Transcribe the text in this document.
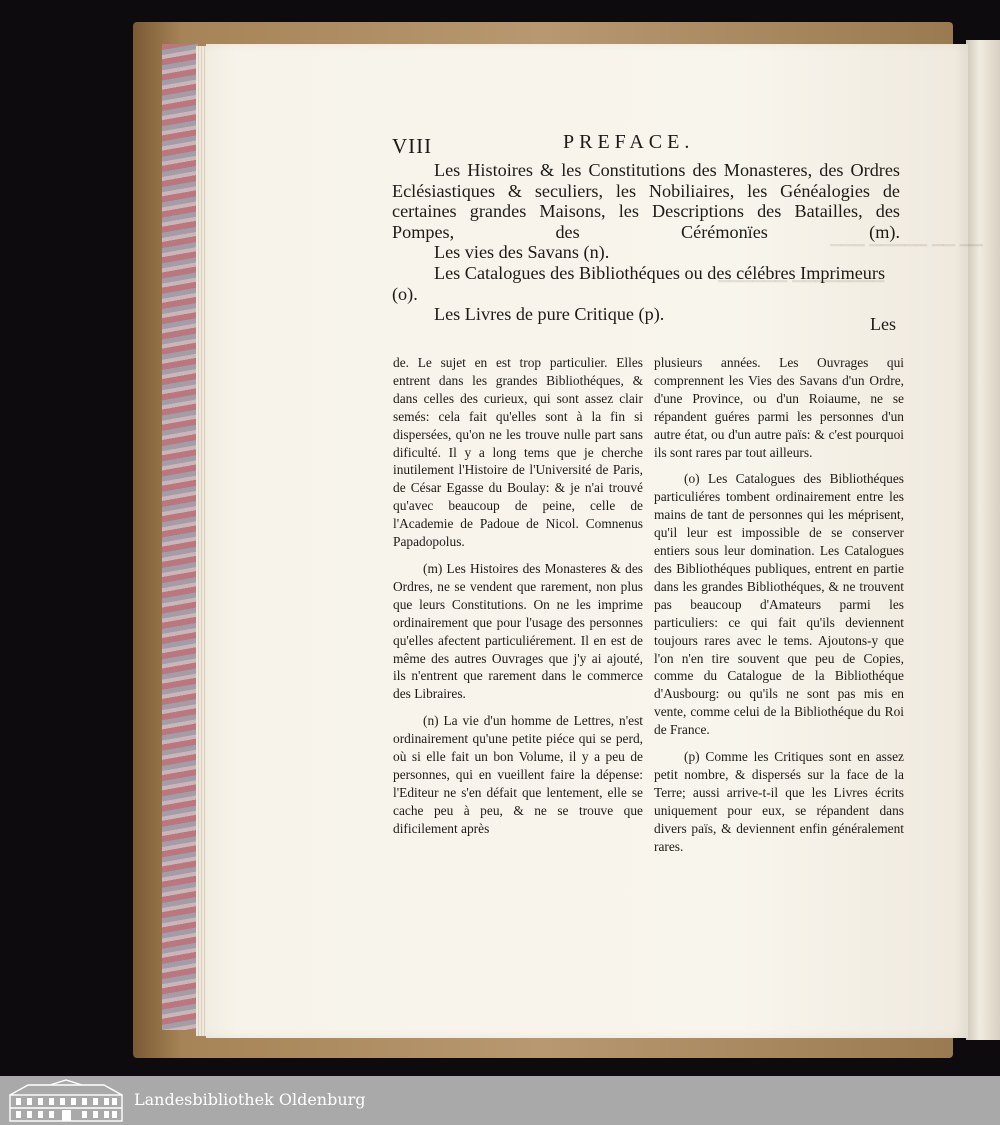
▔▔▔ ▔▔▔▔▔ ▔▔ ▔▔
▔▔▔▔▔▔ ▔▔▔▔▔▔▔▔
VIII	PREFACE.

Les Histoires & les Constitutions des Monasteres, des Ordres Eclésiastiques & seculiers, les Nobiliaires, les Généalogies de certaines grandes Maisons, les Descriptions des Batailles, des Pompes, des Cérémonïes (m).

Les vies des Savans (n).

Les Catalogues des Bibliothéques ou des célébres Imprimeurs (o).

Les Livres de pure Critique (p).	Les

de. Le sujet en est trop particulier. Elles entrent dans les grandes Bibliothéques, & dans celles des curieux, qui sont assez clair semés: cela fait qu'elles sont à la fin si dispersées, qu'on ne les trouve nulle part sans dificulté. Il y a long tems que je cherche inutilement l'Histoire de l'Université de Paris, de César Egasse du Boulay: & je n'ai trouvé qu'avec beaucoup de peine, celle de l'Academie de Padoue de Nicol. Comnenus Papadopolus.

(m) Les Histoires des Monasteres & des Ordres, ne se vendent que rarement, non plus que leurs Constitutions. On ne les imprime ordinairement que pour l'usage des personnes qu'elles afectent particuliérement. Il en est de même des autres Ouvrages que j'y ai ajouté, ils n'entrent que rarement dans le commerce des Libraires.

(n) La vie d'un homme de Lettres, n'est ordinairement qu'une petite piéce qui se perd, où si elle fait un bon Volume, il y a peu de personnes, qui en vueillent faire la dépense: l'Editeur ne s'en défait que lentement, elle se cache peu à peu, & ne se trouve que dificilement après

plusieurs années. Les Ouvrages qui comprennent les Vies des Savans d'un Ordre, d'une Province, ou d'un Roiaume, ne se répandent guéres parmi les personnes d'un autre état, ou d'un autre païs: & c'est pourquoi ils sont rares par tout ailleurs.

(o) Les Catalogues des Bibliothéques particuliéres tombent ordinairement entre les mains de tant de personnes qui les méprisent, qu'il leur est impossible de se conserver entiers sous leur domination. Les Catalogues des Bibliothéques publiques, entrent en partie dans les grandes Bibliothéques, & ne trouvent pas beaucoup d'Amateurs parmi les particuliers: ce qui fait qu'ils deviennent toujours rares avec le tems. Ajoutons-y que l'on n'en tire souvent que peu de Copies, comme du Catalogue de la Bibliothéque d'Ausbourg: ou qu'ils ne sont pas mis en vente, comme celui de la Bibliothéque du Roi de France.

(p) Comme les Critiques sont en assez petit nombre, & dispersés sur la face de la Terre; aussi arrive-t-il que les Livres écrits uniquement pour eux, se répandent dans divers païs, & deviennent enfin généralement rares.

Landesbibliothek Oldenburg
